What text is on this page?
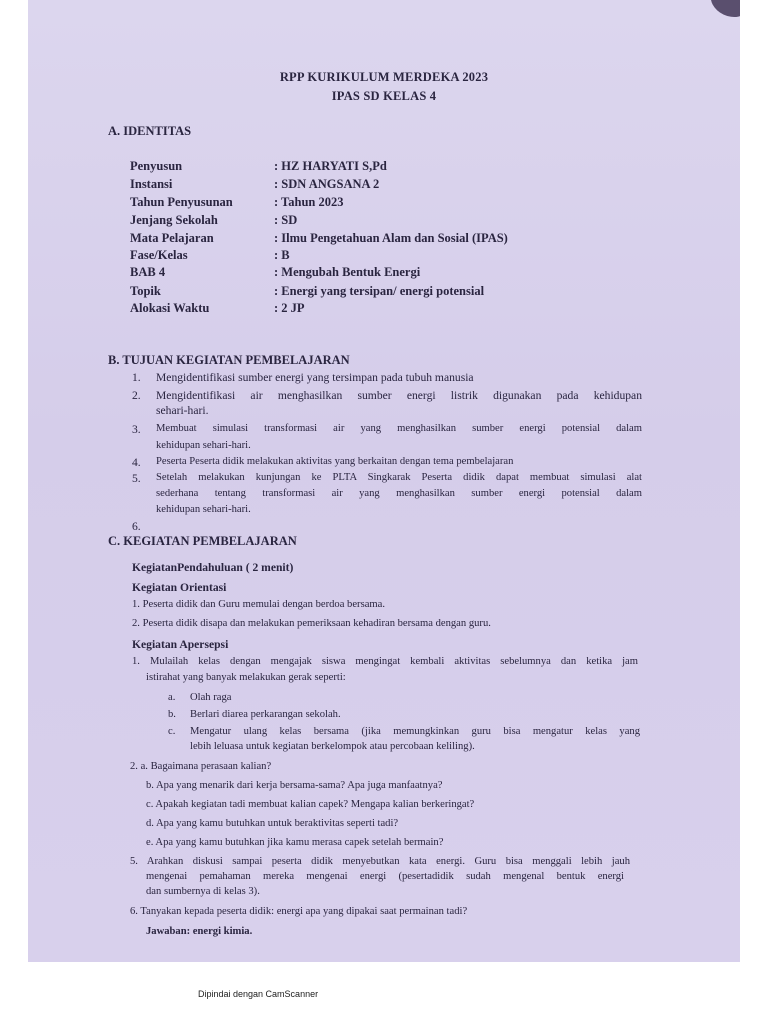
RPP KURIKULUM MERDEKA 2023
IPAS SD KELAS 4
A. IDENTITAS
Penyusun	: HZ HARYATI S,Pd
Instansi	: SDN ANGSANA 2
Tahun Penyusunan	: Tahun 2023
Jenjang Sekolah	: SD
Mata Pelajaran	: Ilmu Pengetahuan Alam dan Sosial (IPAS)
Fase/Kelas	: B
BAB 4	: Mengubah Bentuk Energi
Topik	: Energi yang tersipan/ energi potensial
Alokasi Waktu	: 2 JP
B. TUJUAN KEGIATAN PEMBELAJARAN
1. Mengidentifikasi sumber energi yang tersimpan pada tubuh manusia
2. Mengidentifikasi air menghasilkan sumber energi listrik digunakan pada kehidupan
sehari-hari.
3. Membuat simulasi transformasi air yang menghasilkan sumber energi potensial dalam
kehidupan sehari-hari.
4. Peserta Peserta didik melakukan aktivitas yang berkaitan dengan tema pembelajaran
5. Setelah melakukan kunjungan ke PLTA Singkarak Peserta didik dapat membuat simulasi alat
sederhana tentang transformasi air yang menghasilkan sumber energi potensial dalam
kehidupan sehari-hari.
6.
C. KEGIATAN PEMBELAJARAN
KegiatanPendahuluan ( 2 menit)
Kegiatan Orientasi
1. Peserta didik dan Guru memulai dengan berdoa bersama.
2. Peserta didik disapa dan melakukan pemeriksaan kehadiran bersama dengan guru.
Kegiatan Apersepsi
1. Mulailah kelas dengan mengajak siswa mengingat kembali aktivitas sebelumnya dan ketika jam
istirahat yang banyak melakukan gerak seperti:
a. Olah raga
b. Berlari diarea perkarangan sekolah.
c. Mengatur ulang kelas bersama (jika memungkinkan guru bisa mengatur kelas yang
lebih leluasa untuk kegiatan berkelompok atau percobaan keliling).
2. a. Bagaimana perasaan kalian?
b. Apa yang menarik dari kerja bersama-sama? Apa juga manfaatnya?
c. Apakah kegiatan tadi membuat kalian capek? Mengapa kalian berkeringat?
d. Apa yang kamu butuhkan untuk beraktivitas seperti tadi?
e. Apa yang kamu butuhkan jika kamu merasa capek setelah bermain?
5. Arahkan diskusi sampai peserta didik menyebutkan kata energi. Guru bisa menggali lebih jauh
mengenai pemahaman mereka mengenai energi (pesertadidik sudah mengenal bentuk energi
dan sumbernya di kelas 3).
6. Tanyakan kepada peserta didik: energi apa yang dipakai saat permainan tadi?
Jawaban: energi kimia.
Dipindai dengan CamScanner
